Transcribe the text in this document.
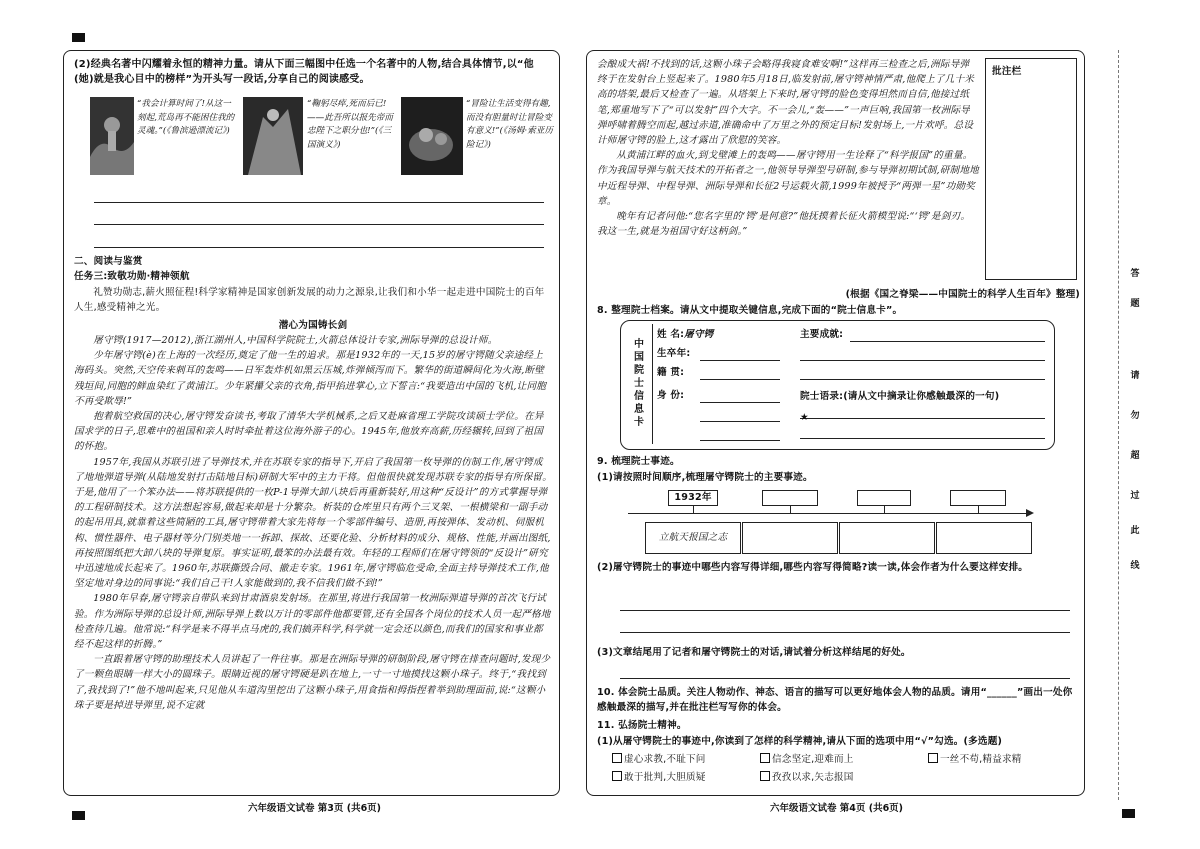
(2)经典名著中闪耀着永恒的精神力量。请从下面三幅图中任选一个名著中的人物,结合具体情节,以“他(她)就是我心目中的榜样”为开头写一段话,分享自己的阅读感受。
“我会计算时间了!从这一刻起,荒岛再不能困住我的灵魂。”(《鲁滨逊漂流记》)
“鞠躬尽瘁,死而后已!——此吾所以报先帝而忠陛下之职分也!”(《三国演义》)
“冒险让生活变得有趣,而没有胆量时让冒险变有意义!”(《汤姆·索亚历险记》)
二、阅读与鉴赏
任务三:致敬功勋·精神领航
礼赞功勋志,薪火照征程!科学家精神是国家创新发展的动力之源泉,让我们和小华一起走进中国院士的百年人生,感受精神之光。
潜心为国铸长剑

屠守锷(1917—2012),浙江湖州人,中国科学院院士,火箭总体设计专家,洲际导弹的总设计师。

少年屠守锷(è)在上海的一次经历,奠定了他一生的追求。那是1932年的一天,15岁的屠守锷随父亲途经上海码头。突然,天空传来刺耳的轰鸣——日军轰炸机如黑云压城,炸弹倾泻而下。繁华的街道瞬间化为火海,断壁残垣间,同胞的鲜血染红了黄浦江。少年紧攥父亲的衣角,指甲掐进掌心,立下誓言:“我要造出中国的飞机,让同胞不再受欺辱!”

抱着航空救国的决心,屠守锷发奋读书,考取了清华大学机械系,之后又赴麻省理工学院攻读硕士学位。在异国求学的日子,思难中的祖国和亲人时时牵扯着这位海外游子的心。1945年,他放弃高薪,历经辗转,回到了祖国的怀抱。

1957年,我国从苏联引进了导弹技术,并在苏联专家的指导下,开启了我国第一枚导弹的仿制工作,屠守锷成了地地弹道导弹(从陆地发射打击陆地目标)研制大军中的主力干将。但他很快就发现苏联专家的指导有所保留。于是,他用了一个笨办法——将苏联提供的一枚P-1导弹大卸八块后再重新装好,用这种“反设计”的方式掌握导弹的工程研制技术。这方法想起容易,做起来却是十分繁杂。析装的仓库里只有两个三叉架、一根横梁和一副手动的起吊用具,就靠着这些简陋的工具,屠守锷带着大家先将每一个零部件编号、造册,再按弹体、发动机、伺服机构、惯性器件、电子器材等分门别类地一一拆卸、探故、还要化验、分析材料的成分、规格、性能,并画出图纸,再按照图纸把大卸八块的导弹复原。事实证明,最笨的办法最有效。年轻的工程师们在屠守锷领的“反设计”研究中迅速地成长起来了。1960年,苏联撕毁合同、撤走专家。1961年,屠守锷临危受命,全面主持导弹技术工作,他坚定地对身边的同事说:“我们自己干!人家能做到的,我不信我们做不到!”

1980年早春,屠守锷亲自带队来到甘肃酒泉发射场。在那里,将进行我国第一枚洲际弹道导弹的首次飞行试验。作为洲际导弹的总设计师,洲际导弹上数以万计的零部件他都要管,还有全国各个岗位的技术人员一起严格地检查待几遍。他常说:“科学是来不得半点马虎的,我们搞弄科学,科学就一定会还以颜色,而我们的国家和事业都经不起这样的折腾。”

一直跟着屠守锷的助理技术人员讲起了一件往事。那是在洲际导弹的研制阶段,屠守锷在排查问题时,发现少了一颗鱼眼睛一样大小的圆珠子。眼睛近视的屠守锷硬是趴在地上,一寸一寸地摸找这颗小珠子。终于,“我找到了,我找到了!”他不地叫起来,只见他从车道沟里挖出了这颗小珠子,用食指和拇指捏着举到助理面前,说:“这颗小珠子要是掉进导弹里,说不定就

六年级语文试卷 第3页 (共6页)

会酿成大祸!不找到的话,这颗小珠子会略得我寝食难安啊!”这样再三检查之后,洲际导弹终于在发射台上竖起来了。1980年5月18日,临发射前,屠守锷神情严肃,他爬上了几十米高的塔架,最后又检查了一遍。从塔架上下来时,屠守锷的脸色变得坦然而自信,他接过纸笔,郑重地写下了“可以发射”四个大字。不一会儿,“轰——”一声巨响,我国第一枚洲际导弹呼啸着腾空而起,越过赤道,准确命中了万里之外的预定目标!发射场上,一片欢呼。总设计师屠守锷的脸上,这才露出了欣慰的笑容。

从黄浦江畔的血火,到戈壁滩上的轰鸣——屠守锷用一生诠释了“科学报国”的重量。作为我国导弹与航天技术的开拓者之一,他领导导弹型号研制,参与导弹初期试制,研制地地中近程导弹、中程导弹、洲际导弹和长征2号运载火箭,1999年被授予“两弹一星”功勋奖章。

晚年有记者问他:“您名字里的‘锷’是何意?”他抚摸着长征火箭模型说:“‘锷’是剑刃。我这一生,就是为祖国守好这柄剑。”

批注栏
(根据《国之脊梁——中国院士的科学人生百年》整理)
8. 整理院士档案。请从文中提取关键信息,完成下面的“院士信息卡”。
中国院士信息卡
姓 名:屠守锷
生卒年:
籍 贯:
身 份:
主要成就:
院士语录:(请从文中摘录让你感触最深的一句)
★
9. 梳理院士事迹。
(1)请按照时间顺序,梳理屠守锷院士的主要事迹。
1932年
立航天报国之志
(2)屠守锷院士的事迹中哪些内容写得详细,哪些内容写得简略?读一读,体会作者为什么要这样安排。
(3)文章结尾用了记者和屠守锷院士的对话,请试着分析这样结尾的好处。
10. 体会院士品质。关注人物动作、神态、语言的描写可以更好地体会人物的品质。请用“______”画出一处你感触最深的描写,并在批注栏写写你的体会。
11. 弘扬院士精神。
(1)从屠守锷院士的事迹中,你读到了怎样的科学精神,请从下面的选项中用“√”勾选。(多选题)
虚心求教,不耻下问	信念坚定,迎难而上	一丝不苟,精益求精
敢于批判,大胆质疑	孜孜以求,矢志报国
六年级语文试卷 第4页 (共6页)
答
题
请
勿
超
过
此
线
